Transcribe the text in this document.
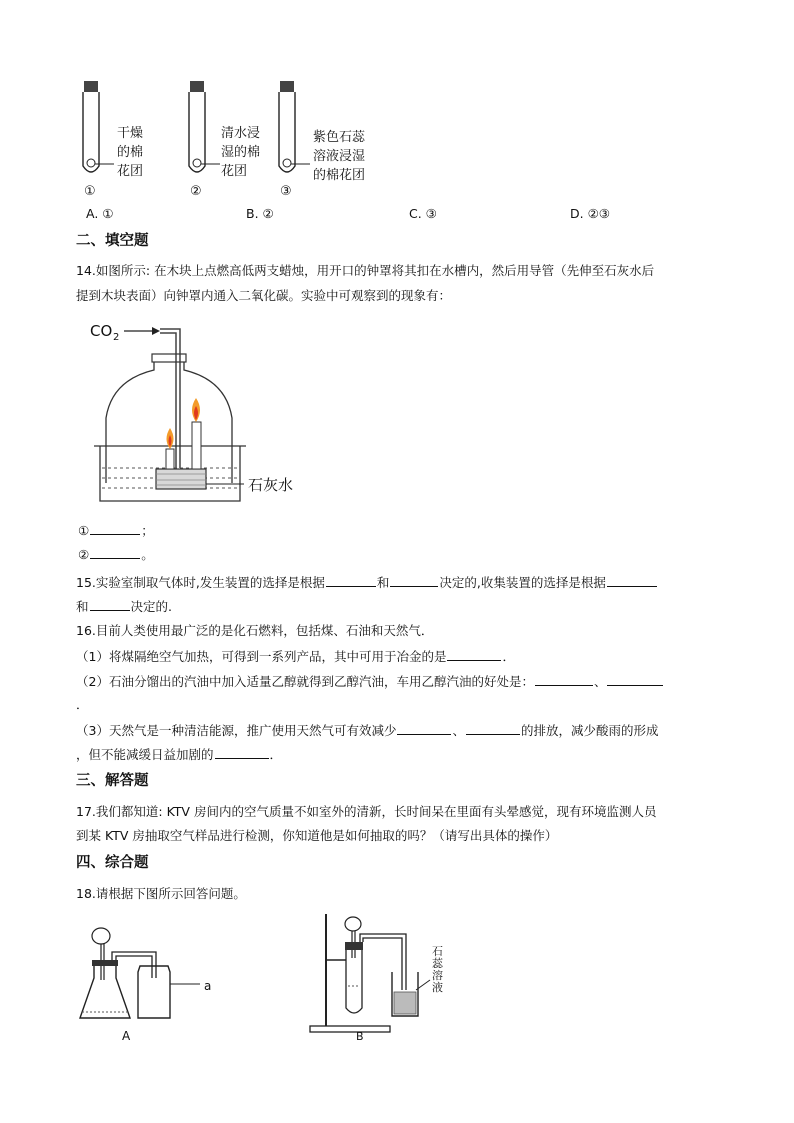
干燥
的棉
花团
清水浸
湿的棉
花团
紫色石蕊
溶液浸湿
的棉花团
①	②	③
A. ①	B. ②	C. ③	D. ②③
二、填空题
14.如图所示: 在木块上点燃高低两支蜡烛，用开口的钟罩将其扣在水槽内，然后用导管（先伸至石灰水后
提到木块表面）向钟罩内通入二氧化碳。实验中可观察到的现象有：
CO 2
石灰水
①	；
②	。
15.实验室制取气体时,发生装置的选择是根据	和	决定的,收集装置的选择是根据
和	决定的.
16.目前人类使用最广泛的是化石燃料，包括煤、石油和天然气．
（1）将煤隔绝空气加热，可得到一系列产品，其中可用于冶金的是	．
（2）石油分馏出的汽油中加入适量乙醇就得到乙醇汽油，车用乙醇汽油的好处是：	、
．
（3）天然气是一种清洁能源，推广使用天然气可有效减少	、	的排放，减少酸雨的形成
，但不能减缓日益加剧的	．
三、解答题
17.我们都知道: KTV 房间内的空气质量不如室外的清新，长时间呆在里面有头晕感觉，现有环境监测人员
到某 KTV 房抽取空气样品进行检测，你知道他是如何抽取的吗？（请写出具体的操作）
四、综合题
18.请根据下图所示回答问题。
a
A	B
石蕊溶液
